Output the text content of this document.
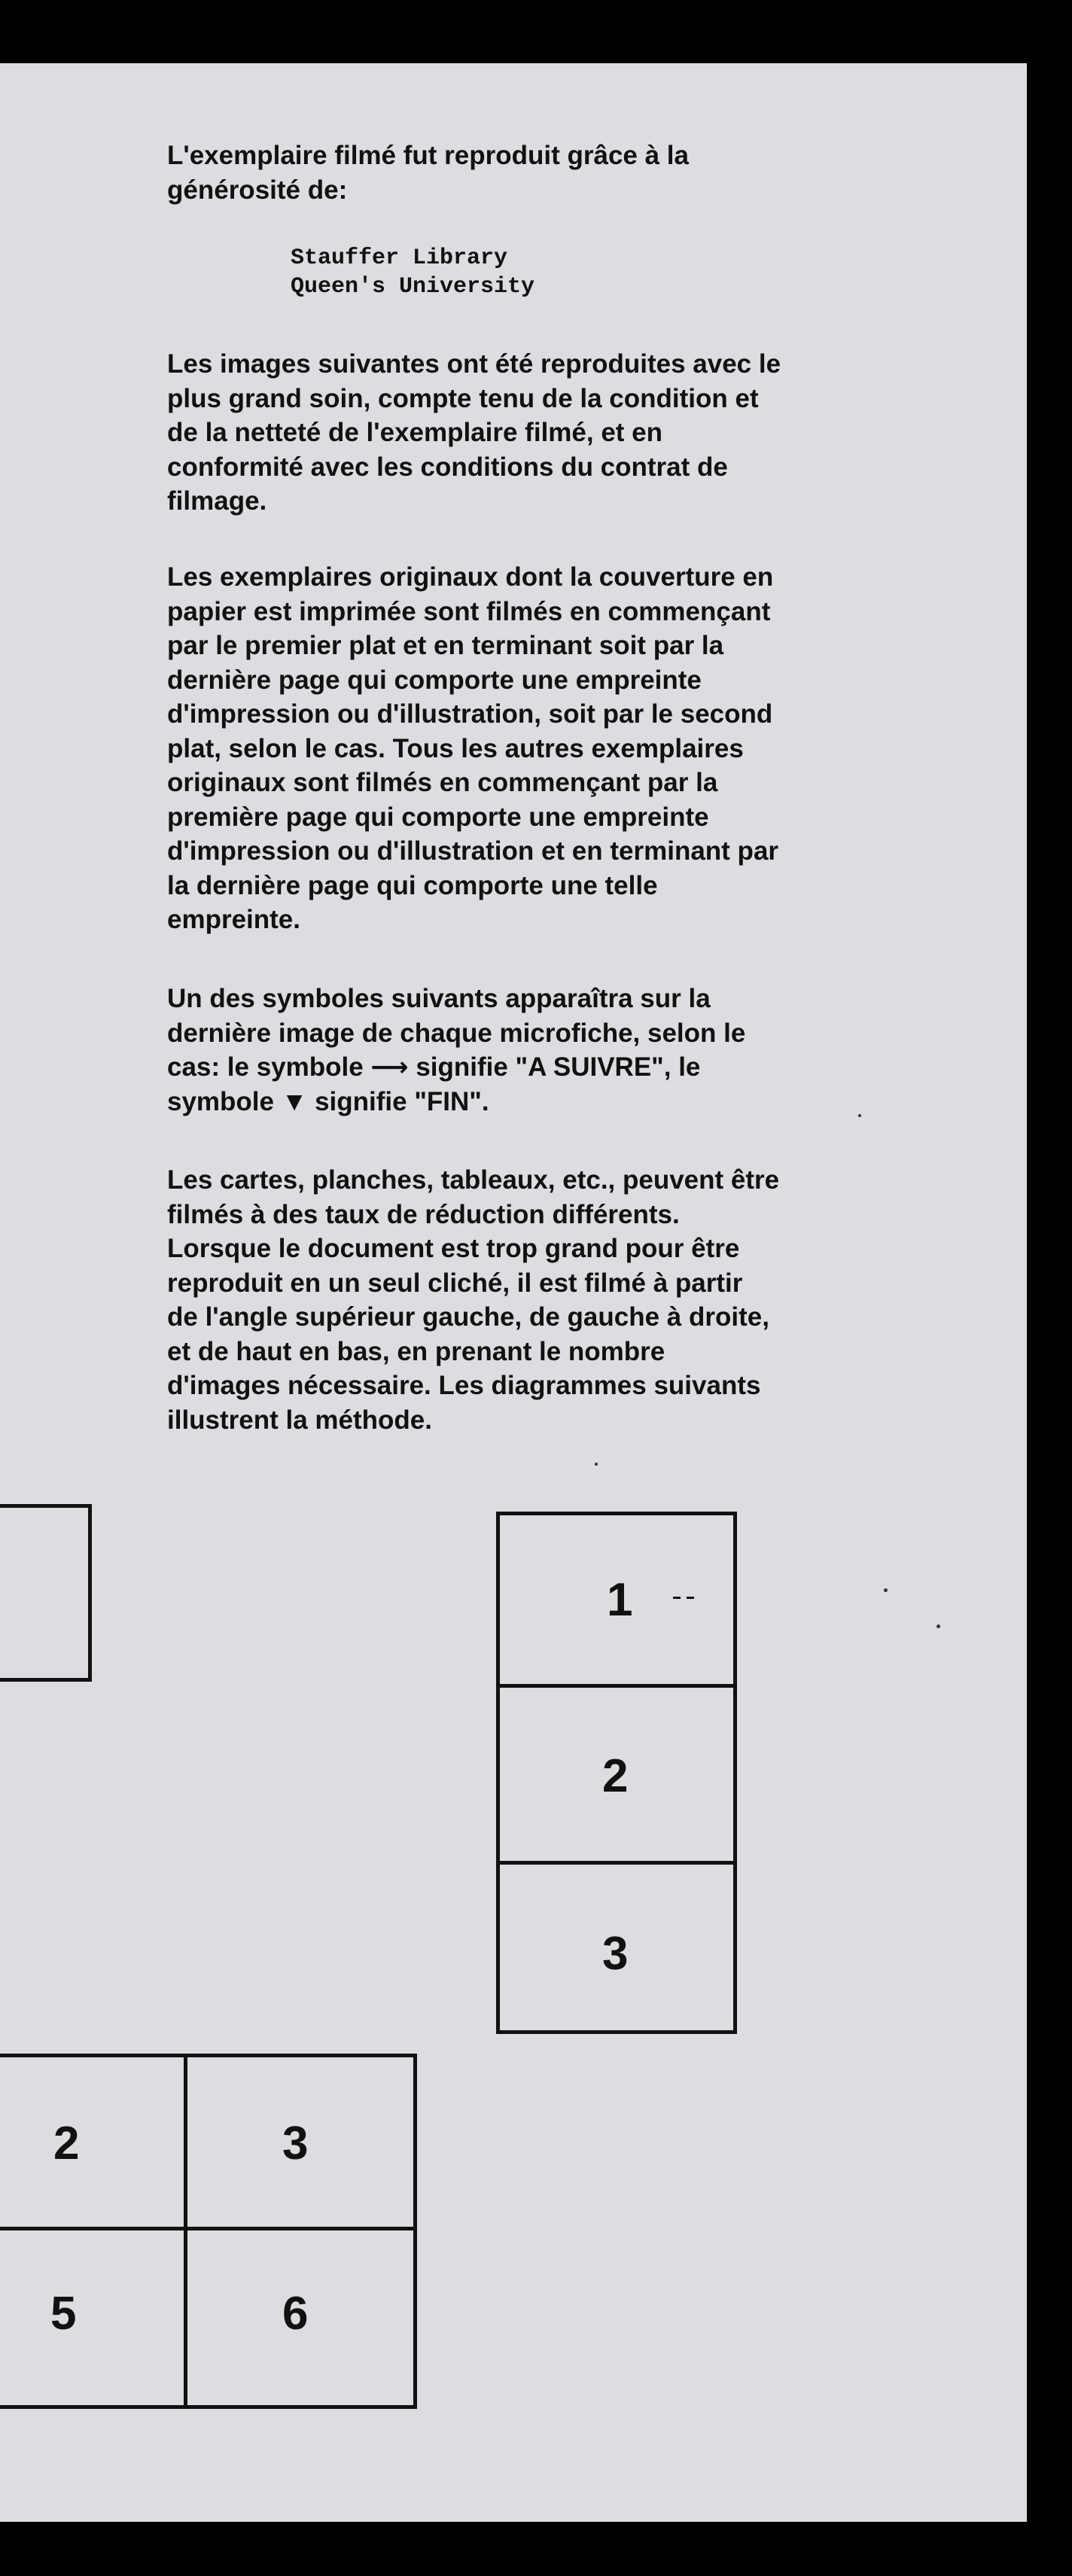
L'exemplaire filmé fut reproduit grâce à la
générosité de:

Stauffer Library
Queen's University

Les images suivantes ont été reproduites avec le
plus grand soin, compte tenu de la condition et
de la netteté de l'exemplaire filmé, et en
conformité avec les conditions du contrat de
filmage.

Les exemplaires originaux dont la couverture en
papier est imprimée sont filmés en commençant
par le premier plat et en terminant soit par la
dernière page qui comporte une empreinte
d'impression ou d'illustration, soit par le second
plat, selon le cas. Tous les autres exemplaires
originaux sont filmés en commençant par la
première page qui comporte une empreinte
d'impression ou d'illustration et en terminant par
la dernière page qui comporte une telle
empreinte.

Un des symboles suivants apparaîtra sur la
dernière image de chaque microfiche, selon le
cas: le symbole ⟶ signifie "A SUIVRE", le
symbole ▼ signifie "FIN".

Les cartes, planches, tableaux, etc., peuvent être
filmés à des taux de réduction différents.
Lorsque le document est trop grand pour être
reproduit en un seul cliché, il est filmé à partir
de l'angle supérieur gauche, de gauche à droite,
et de haut en bas, en prenant le nombre
d'images nécessaire. Les diagrammes suivants
illustrent la méthode.

1
2
3
2	3
5	6
